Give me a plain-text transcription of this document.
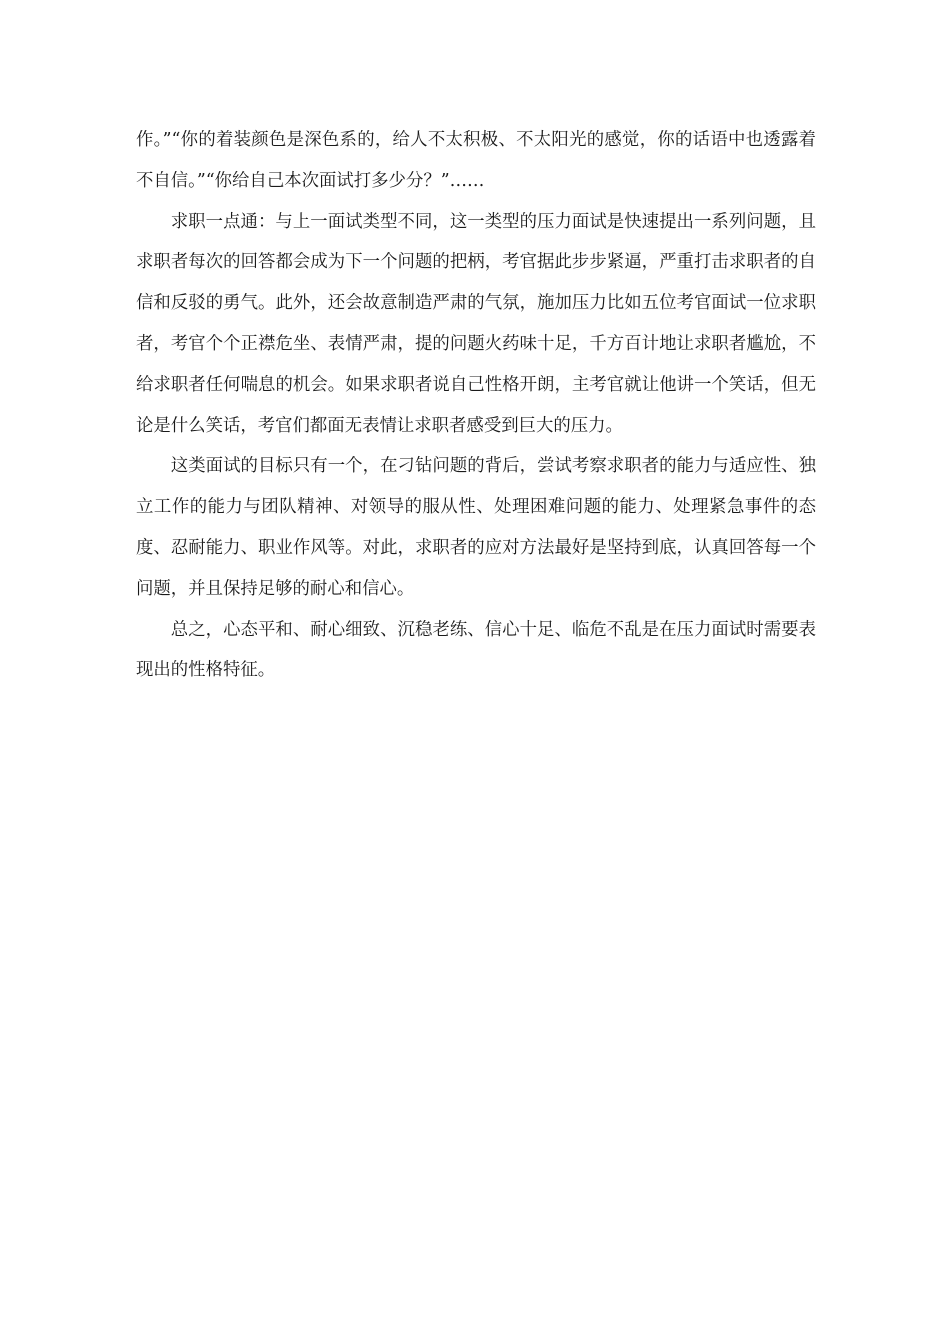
作。”“你的着装颜色是深色系的，给人不太积极、不太阳光的感觉，你的话语中也透露着不自信。”“你给自己本次面试打多少分？”……

求职一点通：与上一面试类型不同，这一类型的压力面试是快速提出一系列问题，且求职者每次的回答都会成为下一个问题的把柄，考官据此步步紧逼，严重打击求职者的自信和反驳的勇气。此外，还会故意制造严肃的气氛，施加压力比如五位考官面试一位求职者，考官个个正襟危坐、表情严肃，提的问题火药味十足，千方百计地让求职者尴尬，不给求职者任何喘息的机会。如果求职者说自己性格开朗，主考官就让他讲一个笑话，但无论是什么笑话，考官们都面无表情让求职者感受到巨大的压力。

这类面试的目标只有一个，在刁钻问题的背后，尝试考察求职者的能力与适应性、独立工作的能力与团队精神、对领导的服从性、处理困难问题的能力、处理紧急事件的态度、忍耐能力、职业作风等。对此，求职者的应对方法最好是坚持到底，认真回答每一个问题，并且保持足够的耐心和信心。

总之，心态平和、耐心细致、沉稳老练、信心十足、临危不乱是在压力面试时需要表现出的性格特征。
